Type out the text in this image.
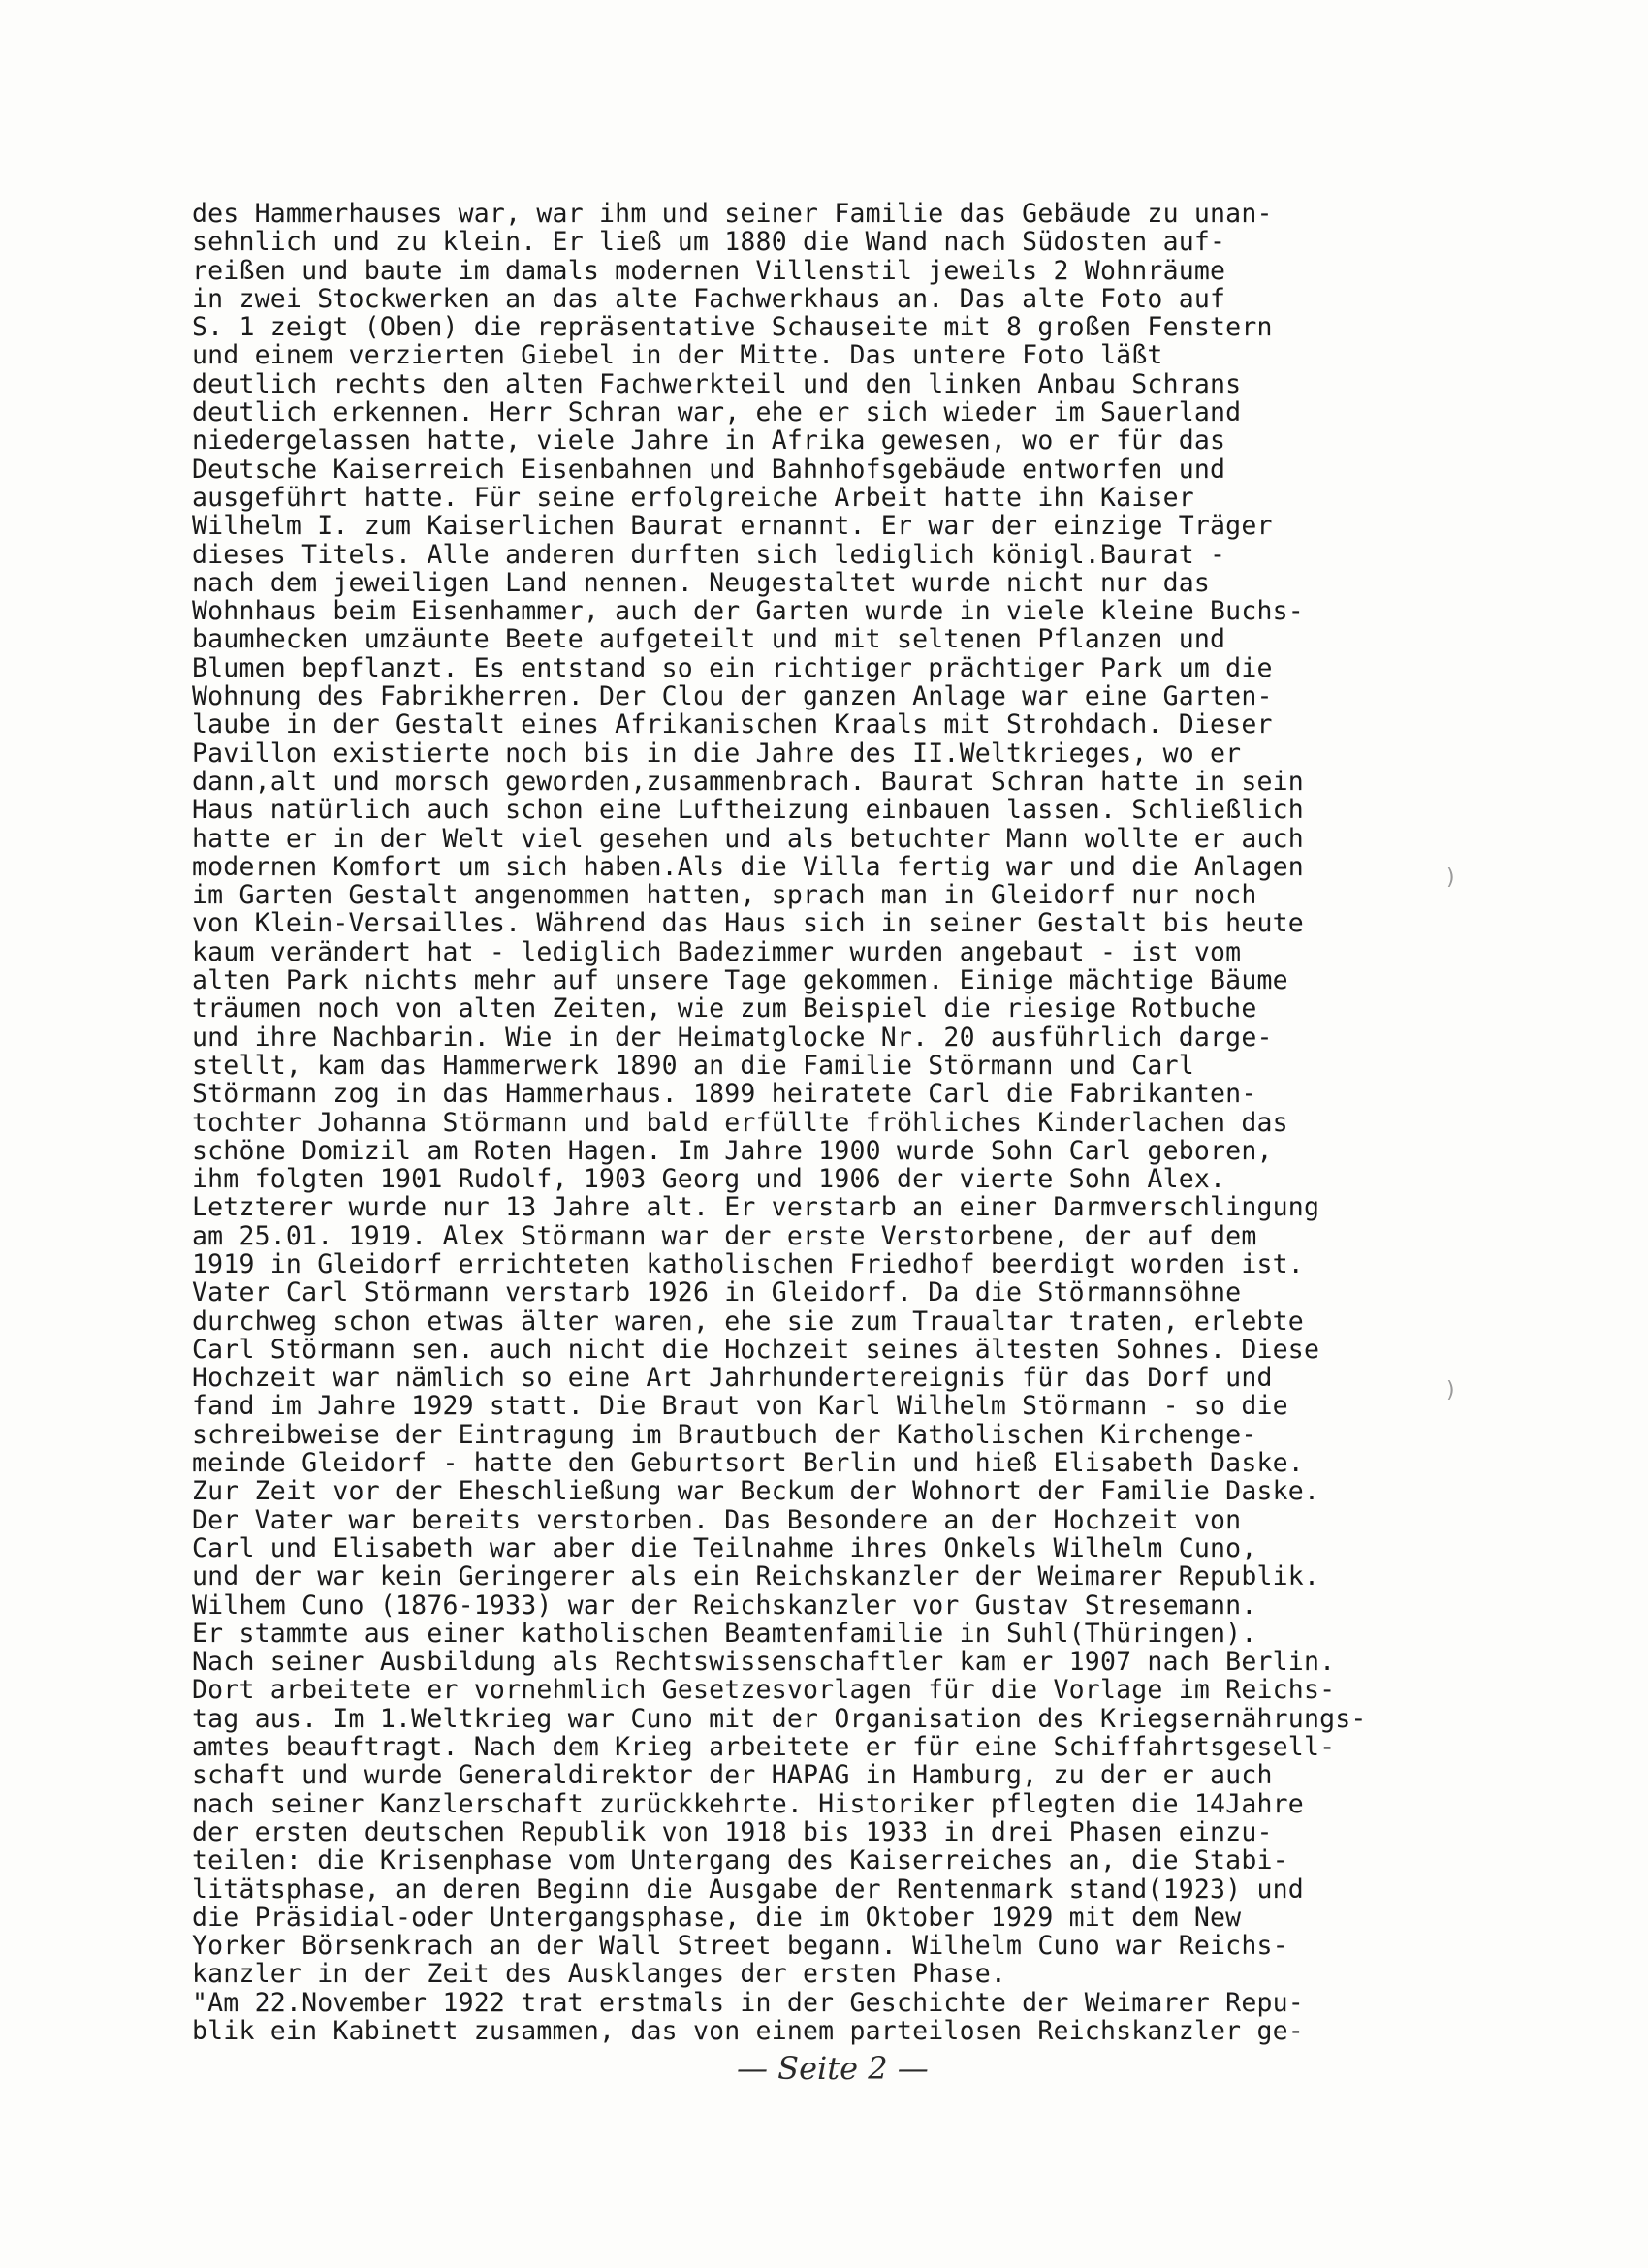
des Hammerhauses war, war ihm und seiner Familie das Gebäude zu unan-
sehnlich und zu klein. Er ließ um 1880 die Wand nach Südosten auf-
reißen und baute im damals modernen Villenstil jeweils 2 Wohnräume
in zwei Stockwerken an das alte Fachwerkhaus an. Das alte Foto auf
S. 1 zeigt (Oben) die repräsentative Schauseite mit 8 großen Fenstern
und einem verzierten Giebel in der Mitte. Das untere Foto läßt
deutlich rechts den alten Fachwerkteil und den linken Anbau Schrans
deutlich erkennen. Herr Schran war, ehe er sich wieder im Sauerland
niedergelassen hatte, viele Jahre in Afrika gewesen, wo er für das
Deutsche Kaiserreich Eisenbahnen und Bahnhofsgebäude entworfen und
ausgeführt hatte. Für seine erfolgreiche Arbeit hatte ihn Kaiser
Wilhelm I. zum Kaiserlichen Baurat ernannt. Er war der einzige Träger
dieses Titels. Alle anderen durften sich lediglich königl.Baurat -
nach dem jeweiligen Land nennen. Neugestaltet wurde nicht nur das
Wohnhaus beim Eisenhammer, auch der Garten wurde in viele kleine Buchs-
baumhecken umzäunte Beete aufgeteilt und mit seltenen Pflanzen und
Blumen bepflanzt. Es entstand so ein richtiger prächtiger Park um die
Wohnung des Fabrikherren. Der Clou der ganzen Anlage war eine Garten-
laube in der Gestalt eines Afrikanischen Kraals mit Strohdach. Dieser
Pavillon existierte noch bis in die Jahre des II.Weltkrieges, wo er
dann,alt und morsch geworden,zusammenbrach. Baurat Schran hatte in sein
Haus natürlich auch schon eine Luftheizung einbauen lassen. Schließlich
hatte er in der Welt viel gesehen und als betuchter Mann wollte er auch
modernen Komfort um sich haben.Als die Villa fertig war und die Anlagen
im Garten Gestalt angenommen hatten, sprach man in Gleidorf nur noch
von Klein-Versailles. Während das Haus sich in seiner Gestalt bis heute
kaum verändert hat - lediglich Badezimmer wurden angebaut - ist vom
alten Park nichts mehr auf unsere Tage gekommen. Einige mächtige Bäume
träumen noch von alten Zeiten, wie zum Beispiel die riesige Rotbuche
und ihre Nachbarin. Wie in der Heimatglocke Nr. 20 ausführlich darge-
stellt, kam das Hammerwerk 1890 an die Familie Störmann und Carl
Störmann zog in das Hammerhaus. 1899 heiratete Carl die Fabrikanten-
tochter Johanna Störmann und bald erfüllte fröhliches Kinderlachen das
schöne Domizil am Roten Hagen. Im Jahre 1900 wurde Sohn Carl geboren,
ihm folgten 1901 Rudolf, 1903 Georg und 1906 der vierte Sohn Alex.
Letzterer wurde nur 13 Jahre alt. Er verstarb an einer Darmverschlingung
am 25.01. 1919. Alex Störmann war der erste Verstorbene, der auf dem
1919 in Gleidorf errichteten katholischen Friedhof beerdigt worden ist.
Vater Carl Störmann verstarb 1926 in Gleidorf. Da die Störmannsöhne
durchweg schon etwas älter waren, ehe sie zum Traualtar traten, erlebte
Carl Störmann sen. auch nicht die Hochzeit seines ältesten Sohnes. Diese
Hochzeit war nämlich so eine Art Jahrhundertereignis für das Dorf und
fand im Jahre 1929 statt. Die Braut von Karl Wilhelm Störmann - so die
schreibweise der Eintragung im Brautbuch der Katholischen Kirchenge-
meinde Gleidorf - hatte den Geburtsort Berlin und hieß Elisabeth Daske.
Zur Zeit vor der Eheschließung war Beckum der Wohnort der Familie Daske.
Der Vater war bereits verstorben. Das Besondere an der Hochzeit von
Carl und Elisabeth war aber die Teilnahme ihres Onkels Wilhelm Cuno,
und der war kein Geringerer als ein Reichskanzler der Weimarer Republik.
Wilhem Cuno (1876-1933) war der Reichskanzler vor Gustav Stresemann.
Er stammte aus einer katholischen Beamtenfamilie in Suhl(Thüringen).
Nach seiner Ausbildung als Rechtswissenschaftler kam er 1907 nach Berlin.
Dort arbeitete er vornehmlich Gesetzesvorlagen für die Vorlage im Reichs-
tag aus. Im 1.Weltkrieg war Cuno mit der Organisation des Kriegsernährungs-
amtes beauftragt. Nach dem Krieg arbeitete er für eine Schiffahrtsgesell-
schaft und wurde Generaldirektor der HAPAG in Hamburg, zu der er auch
nach seiner Kanzlerschaft zurückkehrte. Historiker pflegten die 14Jahre
der ersten deutschen Republik von 1918 bis 1933 in drei Phasen einzu-
teilen: die Krisenphase vom Untergang des Kaiserreiches an, die Stabi-
litätsphase, an deren Beginn die Ausgabe der Rentenmark stand(1923) und
die Präsidial-oder Untergangsphase, die im Oktober 1929 mit dem New
Yorker Börsenkrach an der Wall Street begann. Wilhelm Cuno war Reichs-
kanzler in der Zeit des Ausklanges der ersten Phase.
"Am 22.November 1922 trat erstmals in der Geschichte der Weimarer Repu-
blik ein Kabinett zusammen, das von einem parteilosen Reichskanzler ge-
)
)
— Seite 2 —
